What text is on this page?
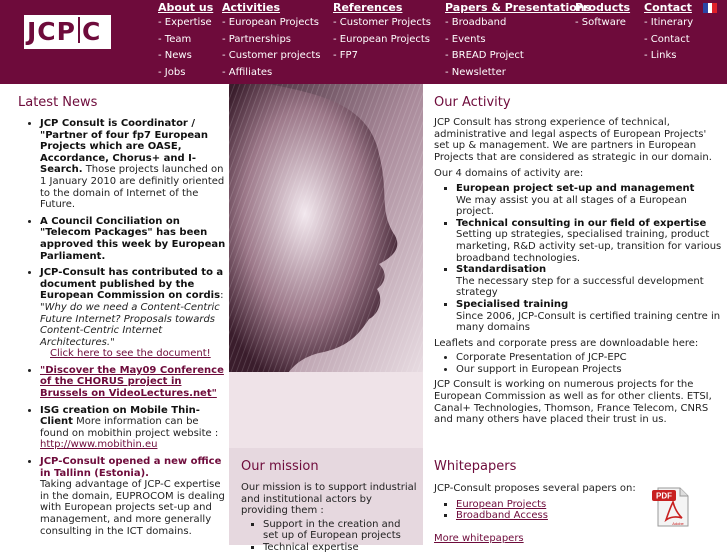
JCP C
About us
- Expertise
- Team
- News
- Jobs
Activities
- European Projects
- Partnerships
- Customer projects
- Affiliates
References
- Customer Projects
- European Projects
- FP7
Papers & Presentations
- Broadband
- Events
- BREAD Project
- Newsletter
Products
- Software
Contact
- Itinerary
- Contact
- Links
Latest News
• JCP Consult is Coordinator / "Partner of four fp7 European Projects which are OASE, Accordance, Chorus+ and I-Search. Those projects launched on 1 January 2010 are definitly oriented to the domain of Internet of the Future.
• A Council Conciliation on "Telecom Packages" has been approved this week by European Parliament.
• JCP-Consult has contributed to a document published by the European Commission on cordis: "Why do we need a Content-Centric Future Internet? Proposals towards Content-Centric Internet Architectures."
Click here to see the document!
• "Discover the May09 Conference of the CHORUS project in Brussels on VideoLectures.net"
• ISG creation on Mobile Thin-Client More information can be found on mobithin project website : http://www.mobithin.eu
• JCP-Consult opened a new office in Tallinn (Estonia).
Taking advantage of JCP-C expertise in the domain, EUPROCOM is dealing with European projects set-up and management, and more generally consulting in the ICT domains.
Our Activity

JCP Consult has strong experience of technical, administrative and legal aspects of European Projects' set up & management. We are partners in European Projects that are considered as strategic in our domain.

Our 4 domains of activity are:

▪ European project set-up and management
We may assist you at all stages of a European project.
▪ Technical consulting in our field of expertise
Setting up strategies, specialised training, product marketing, R&D activity set-up, transition for various broadband technologies.
▪ Standardisation
The necessary step for a successful development strategy
▪ Specialised training
Since 2006, JCP-Consult is certified training centre in many domains

Leaflets and corporate press are downloadable here:

• Corporate Presentation of JCP-EPC
• Our support in European Projects

JCP Consult is working on numerous projects for the European Commission as well as for other clients. ETSI, Canal+ Technologies, Thomson, France Telecom, CNRS and many others have placed their trust in us.

Our mission
Our mission is to support industrial and institutional actors by providing them :
▪ Support in the creation and set up of European projects
▪ Technical expertise
Whitepapers
JCP-Consult proposes several papers on:
▪ European Projects
▪ Broadband Access
More whitepapers
PDF
Adobe
